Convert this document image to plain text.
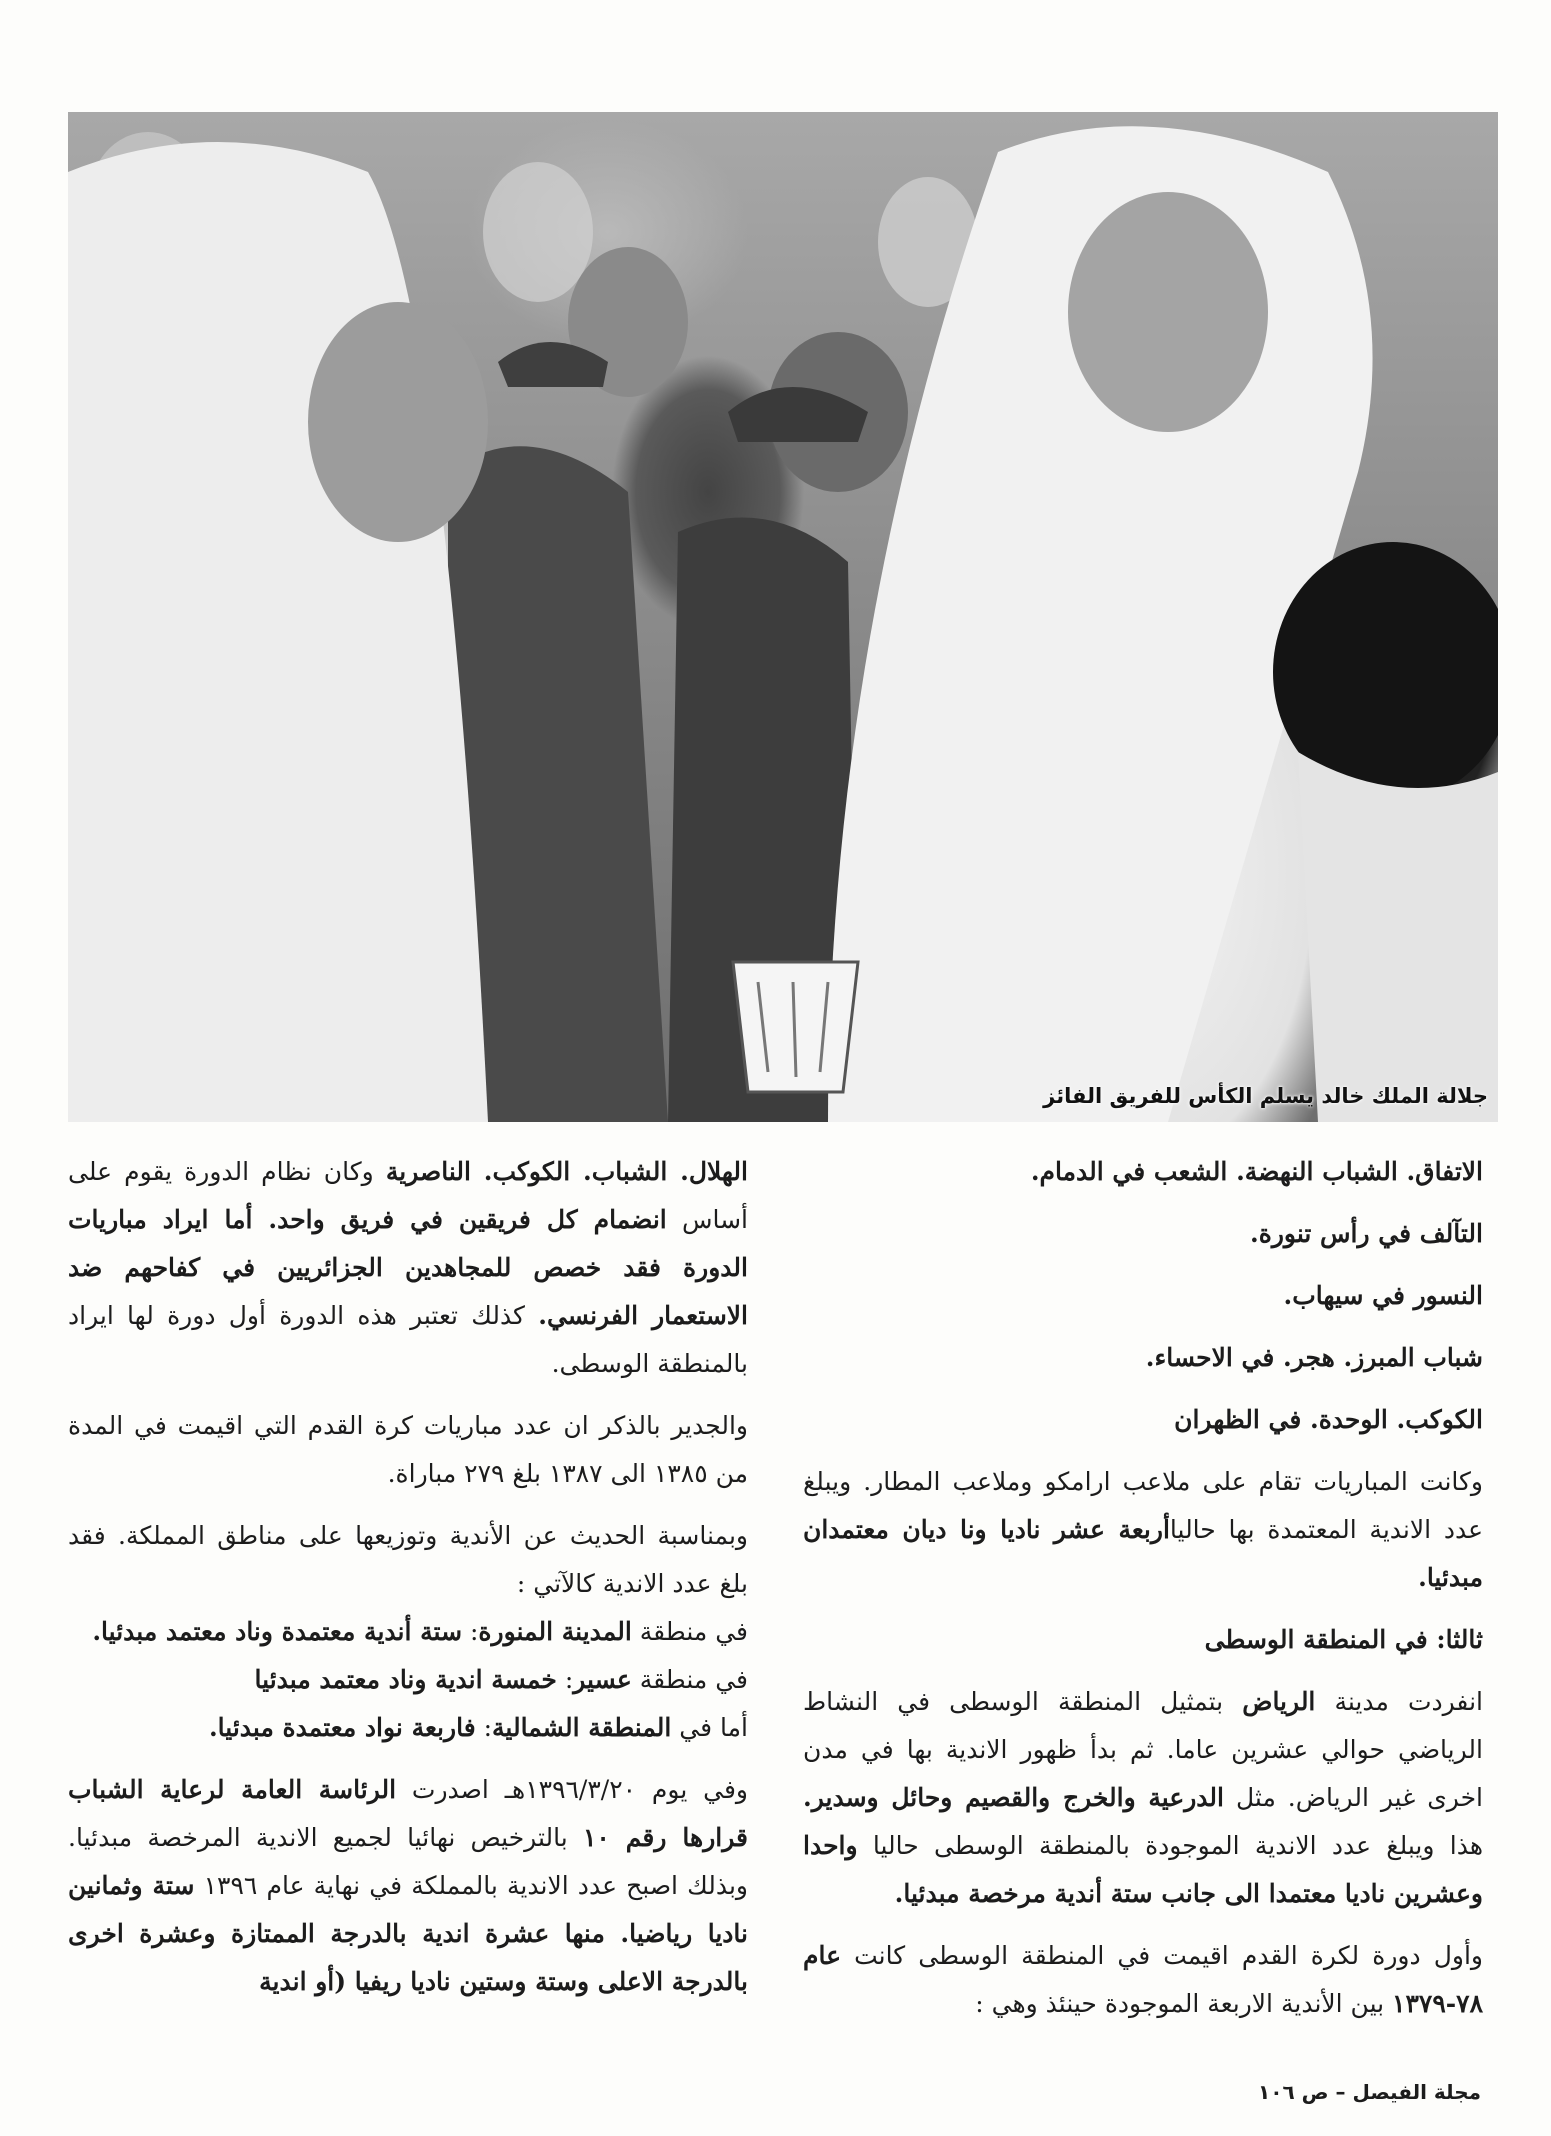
جلالة الملك خالد يسلم الكأس للفريق الفائز

الاتفاق. الشباب النهضة. الشعب في الدمام.

التآلف في رأس تنورة.

النسور في سيهاب.

شباب المبرز. هجر. في الاحساء.

الكوكب. الوحدة. في الظهران

وكانت المباريات تقام على ملاعب ارامكو وملاعب المطار. ويبلغ عدد الاندية المعتمدة بها حالياأربعة عشر ناديا ونا ديان معتمدان مبدئيا.

ثالثا: في المنطقة الوسطى

انفردت مدينة الرياض بتمثيل المنطقة الوسطى في النشاط الرياضي حوالي عشرين عاما. ثم بدأ ظهور الاندية بها في مدن اخرى غير الرياض. مثل الدرعية والخرج والقصيم وحائل وسدير. هذا ويبلغ عدد الاندية الموجودة بالمنطقة الوسطى حاليا واحدا وعشرين ناديا معتمدا الى جانب ستة أندية مرخصة مبدئيا.

وأول دورة لكرة القدم اقيمت في المنطقة الوسطى كانت عام ٧٨-١٣٧٩ بين الأندية الاربعة الموجودة حينئذ وهي :

الهلال. الشباب. الكوكب. الناصرية وكان نظام الدورة يقوم على أساس انضمام كل فريقين في فريق واحد. أما ايراد مباريات الدورة فقد خصص للمجاهدين الجزائريين في كفاحهم ضد الاستعمار الفرنسي. كذلك تعتبر هذه الدورة أول دورة لها ايراد بالمنطقة الوسطى.

والجدير بالذكر ان عدد مباريات كرة القدم التي اقيمت في المدة من ١٣٨٥ الى ١٣٨٧ بلغ ٢٧٩ مباراة.

وبمناسبة الحديث عن الأندية وتوزيعها على مناطق المملكة. فقد بلغ عدد الاندية كالآتي :

في منطقة المدينة المنورة: ستة أندية معتمدة وناد معتمد مبدئيا.

في منطقة عسير: خمسة اندية وناد معتمد مبدئيا

أما في المنطقة الشمالية: فاربعة نواد معتمدة مبدئيا.

وفي يوم ١٣٩٦/٣/٢٠هـ اصدرت الرئاسة العامة لرعاية الشباب قرارها رقم ١٠ بالترخيص نهائيا لجميع الاندية المرخصة مبدئيا. وبذلك اصبح عدد الاندية بالمملكة في نهاية عام ١٣٩٦ ستة وثمانين ناديا رياضيا. منها عشرة اندية بالدرجة الممتازة وعشرة اخرى بالدرجة الاعلى وستة وستين ناديا ريفيا (أو اندية

مجلة الفيصل – ص ١٠٦
